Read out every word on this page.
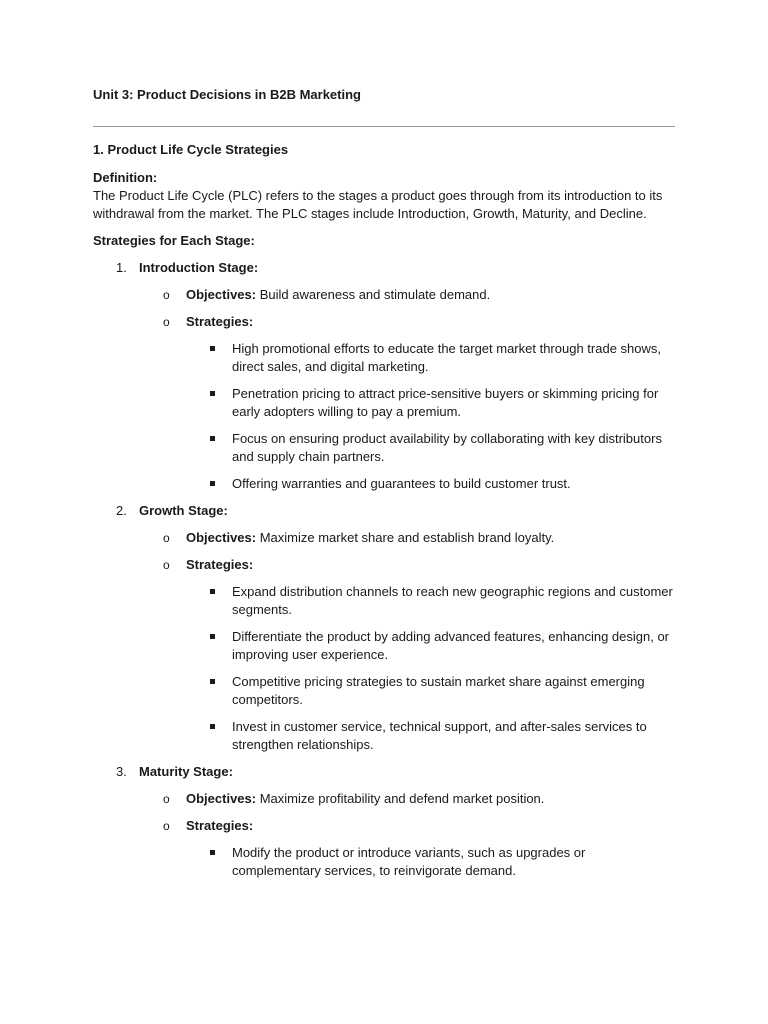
Unit 3: Product Decisions in B2B Marketing

1. Product Life Cycle Strategies

Definition:

The Product Life Cycle (PLC) refers to the stages a product goes through from its introduction to its withdrawal from the market. The PLC stages include Introduction, Growth, Maturity, and Decline.

Strategies for Each Stage:

1. Introduction Stage:

o Objectives: Build awareness and stimulate demand.

o Strategies:

High promotional efforts to educate the target market through trade shows, direct sales, and digital marketing.

Penetration pricing to attract price-sensitive buyers or skimming pricing for early adopters willing to pay a premium.

Focus on ensuring product availability by collaborating with key distributors and supply chain partners.

Offering warranties and guarantees to build customer trust.

2. Growth Stage:

o Objectives: Maximize market share and establish brand loyalty.

o Strategies:

Expand distribution channels to reach new geographic regions and customer segments.

Differentiate the product by adding advanced features, enhancing design, or improving user experience.

Competitive pricing strategies to sustain market share against emerging competitors.

Invest in customer service, technical support, and after-sales services to strengthen relationships.

3. Maturity Stage:

o Objectives: Maximize profitability and defend market position.

o Strategies:

Modify the product or introduce variants, such as upgrades or complementary services, to reinvigorate demand.
